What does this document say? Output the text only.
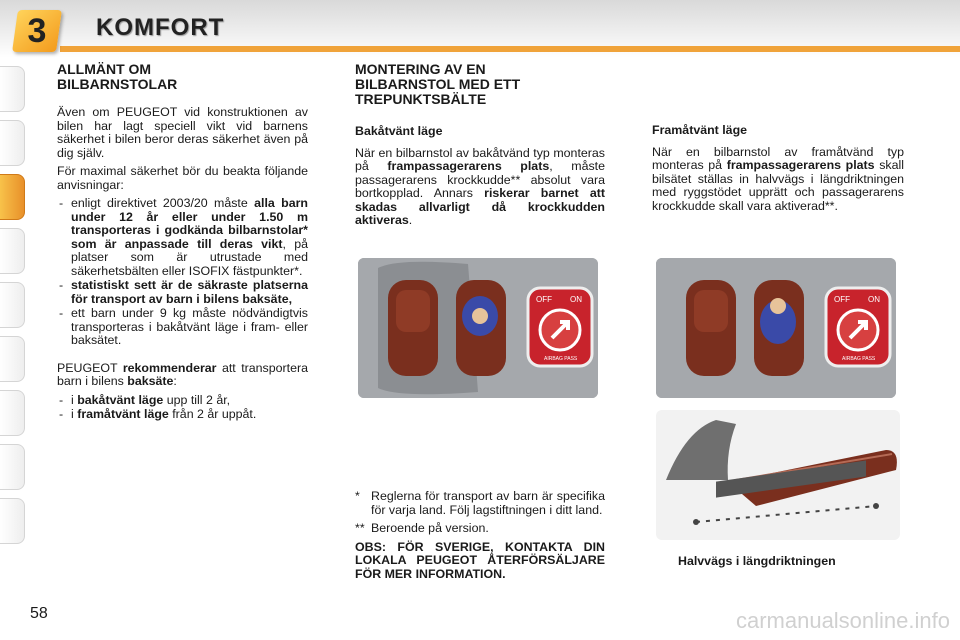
3	KOMFORT
ALLMÄNT OM
BILBARNSTOLAR

Även om PEUGEOT vid konstruktionen av bilen har lagt speciell vikt vid barnens säkerhet i bilen beror deras säkerhet även på dig själv.

För maximal säkerhet bör du beakta följande anvisningar:

- enligt direktivet 2003/20 måste alla barn under 12 år eller under 1.50 m transporteras i godkända bilbarnstolar* som är anpassade till deras vikt, på platser som är utrustade med säkerhetsbälten eller ISOFIX fästpunkter*.
- statistiskt sett är de säkraste platserna för transport av barn i bilens baksäte,
- ett barn under 9 kg måste nödvändigtvis transporteras i bakåtvänt läge i fram- eller baksätet.

PEUGEOT rekommenderar att transportera barn i bilens baksäte:

- i bakåtvänt läge upp till 2 år,
- i framåtvänt läge från 2 år uppåt.
MONTERING AV EN
BILBARNSTOL MED ETT
TREPUNKTSBÄLTE
Bakåtvänt läge

När en bilbarnstol av bakåtvänd typ monteras på frampassagerarens plats, måste passagerarens krockkudde** absolut vara bortkopplad. Annars riskerar barnet att skadas allvarligt då krockkudden aktiveras.

OFF ON
AIRBAG PASS

* Reglerna för transport av barn är specifika för varja land. Följ lagstiftningen i ditt land.

** Beroende på version.

OBS: FÖR SVERIGE, KONTAKTA DIN LOKALA PEUGEOT ÅTERFÖRSÄLJARE FÖR MER INFORMATION.

Framåtvänt läge

När en bilbarnstol av framåtvänd typ monteras på frampassagerarens plats skall bilsätet ställas in halvvägs i längdriktningen med ryggstödet upprätt och passagerarens krockkudde skall vara aktiverad**.

OFF ON
AIRBAG PASS
Halvvägs i längdriktningen
58	carmanualsonline.info
